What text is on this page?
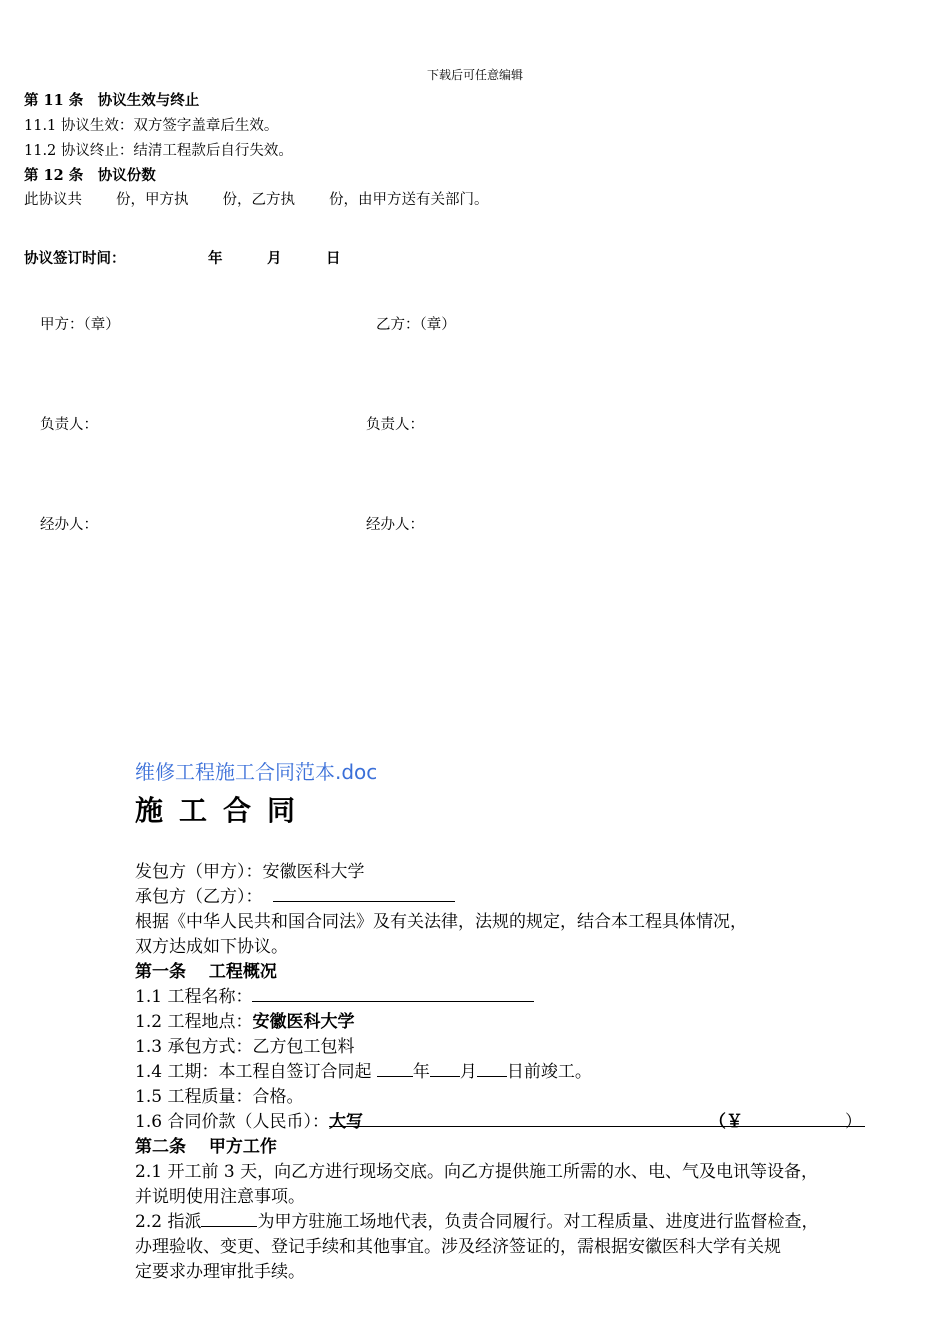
下载后可任意编辑
第 11 条　协议生效与终止
11.1 协议生效：双方签字盖章后生效。
11.2 协议终止：结清工程款后自行失效。
第 12 条　协议份数
此协议共 份，甲方执 份，乙方执 份，由甲方送有关部门。
协议签订时间：	年	月	日
甲方：（章）	乙方：（章）
负责人：	负责人：
经办人：	经办人：
维修工程施工合同范本.doc
施工合同
发包方（甲方）：安徽医科大学
承包方（乙方）：
根据《中华人民共和国合同法》及有关法律，法规的规定，结合本工程具体情况，
双方达成如下协议。
第一条　 工程概况
1.1 工程名称：
1.2 工程地点：安徽医科大学
1.3 承包方式：乙方包工包料
1.4 工期：本工程自签订合同起 年 月 日前竣工。
1.5 工程质量：合格。
1.6 合同价款（人民币）： 大写	（￥	）
第二条　 甲方工作
2.1 开工前 3 天，向乙方进行现场交底。向乙方提供施工所需的水、电、气及电讯等设备，
并说明使用注意事项。
2.2 指派	为甲方驻施工场地代表，负责合同履行。对工程质量、进度进行监督检查，
办理验收、变更、登记手续和其他事宜。涉及经济签证的，需根据安徽医科大学有关规
定要求办理审批手续。
